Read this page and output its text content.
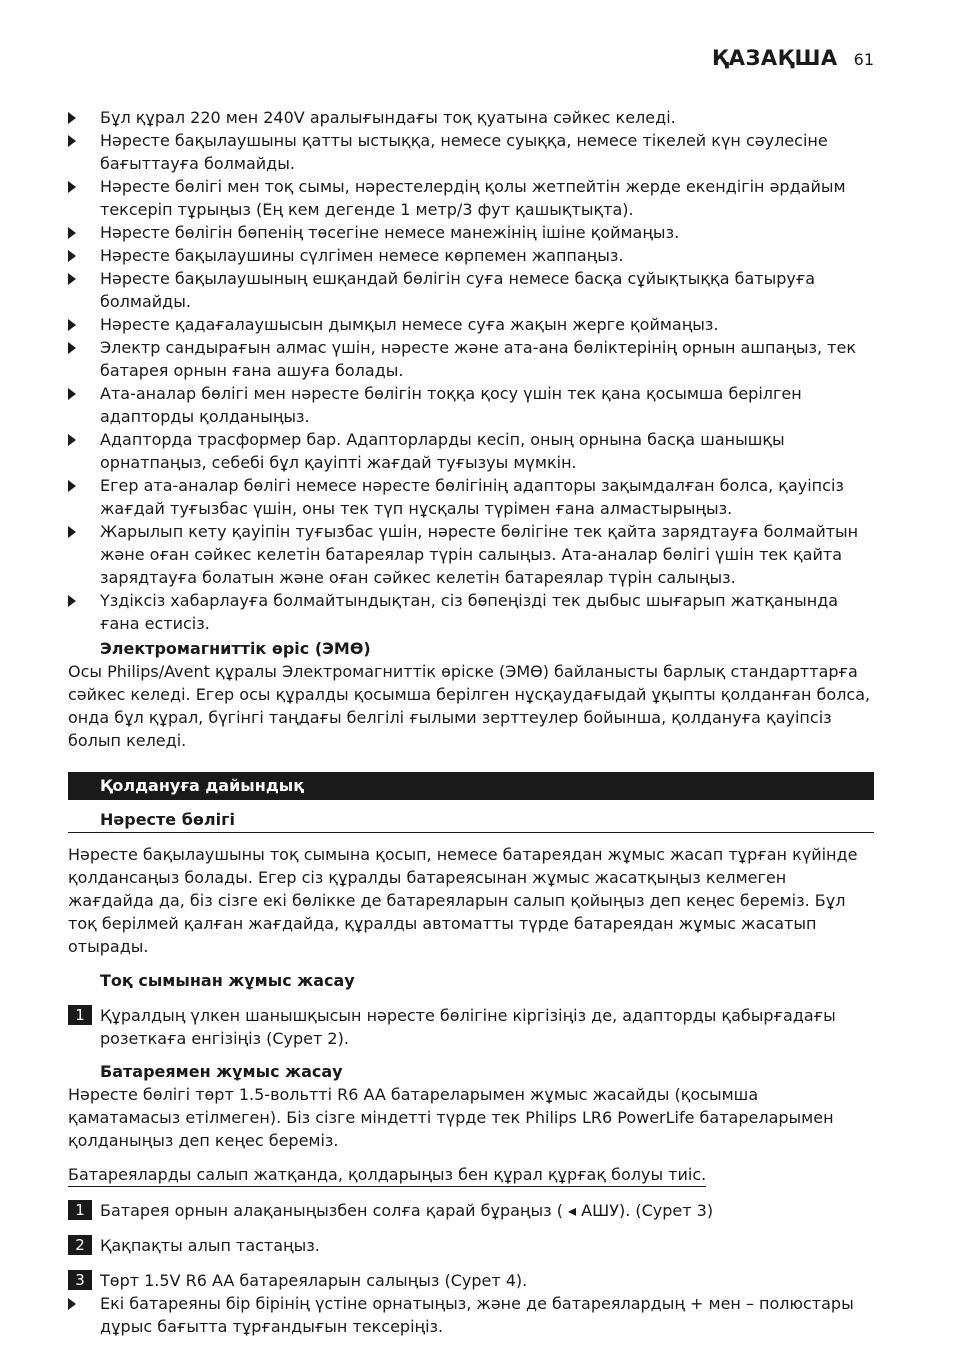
ҚАЗАҚША 61
Бұл құрал 220 мен 240V аралығындағы тоқ қуатына сәйкес келеді.
Нәресте бақылаушыны қатты ыстыққа, немесе суыққа, немесе тікелей күн сәулесіне бағыттауға болмайды.
Нәресте бөлігі мен тоқ сымы, нәрестелердің қолы жетпейтін жерде екендігін әрдайым тексеріп тұрыңыз (Ең кем дегенде 1 метр/3 фут қашықтықта).
Нәресте бөлігін бөпенің төсегіне немесе манежінің ішіне қоймаңыз.
Нәресте бақылаушины сүлгімен немесе көрпемен жаппаңыз.
Нәресте бақылаушының ешқандай бөлігін суға немесе басқа сұйықтыққа батыруға болмайды.
Нәресте қадағалаушысын дымқыл немесе суға жақын жерге қоймаңыз.
Электр сандырағын алмас үшін, нәресте және ата-ана бөліктерінің орнын ашпаңыз, тек батарея орнын ғана ашуға болады.
Ата-аналар бөлігі мен нәресте бөлігін тоққа қосу үшін тек қана қосымша берілген адапторды қолданыңыз.
Адапторда трасформер бар. Адапторларды кесіп, оның орнына басқа шанышқы орнатпаңыз, себебі бұл қауіпті жағдай туғызуы мүмкін.
Егер ата-аналар бөлігі немесе нәресте бөлігінің адапторы зақымдалған болса, қауіпсіз жағдай туғызбас үшін, оны тек түп нұсқалы түрімен ғана алмастырыңыз.
Жарылып кету қауіпін туғызбас үшін, нәресте бөлігіне тек қайта зарядтауға болмайтын және оған сәйкес келетін батареялар түрін салыңыз. Ата-аналар бөлігі үшін тек қайта зарядтауға болатын және оған сәйкес келетін батареялар түрін салыңыз.
Үздіксіз хабарлауға болмайтындықтан, сіз бөпеңізді тек дыбыс шығарып жатқанында ғана естисіз.
Электромагниттік өріс (ЭМӨ)

Осы Philips/Avent құралы Электромагниттік өріске (ЭМӨ) байланысты барлық стандарттарға сәйкес келеді. Егер осы құралды қосымша берілген нұсқаудағыдай ұқыпты қолданған болса, онда бұл құрал, бүгінгі таңдағы белгілі ғылыми зерттеулер бойынша, қолдануға қауіпсіз болып келеді.

Қолдануға дайындық
Нәресте бөлігі

Нәресте бақылаушыны тоқ сымына қосып, немесе батареядан жұмыс жасап тұрған күйінде қолдансаңыз болады. Егер сіз құралды батареясынан жұмыс жасатқыңыз келмеген жағдайда да, біз сізге екі бөлікке де батареяларын салып қойыңыз деп кеңес береміз. Бұл тоқ берілмей қалған жағдайда, құралды автоматты түрде батареядан жұмыс жасатып отырады.

Тоқ сымынан жұмыс жасау
1 Құралдың үлкен шанышқысын нәресте бөлігіне кіргізіңіз де, адапторды қабырғадағы розеткаға енгізіңіз (Сурет 2).
Батареямен жұмыс жасау

Нәресте бөлігі төрт 1.5-вольтті R6 AA батареларымен жұмыс жасайды (қосымша қаматамасыз етілмеген). Біз сізге міндетті түрде тек Philips LR6 PowerLife батареларымен қолданыңыз деп кеңес береміз.

Батареяларды салып жатқанда, қолдарыңыз бен құрал құрғақ болуы тиіс.
1 Батарея орнын алақаныңызбен солға қарай бұраңыз ( ◂ АШУ). (Сурет 3)
2 Қақпақты алып тастаңыз.
3 Төрт 1.5V R6 AA батареяларын салыңыз (Сурет 4).
Екі батареяны бір бірінің үстіне орнатыңыз, және де батареялардың + мен – полюстары дұрыс бағытта тұрғандығын тексеріңіз.
